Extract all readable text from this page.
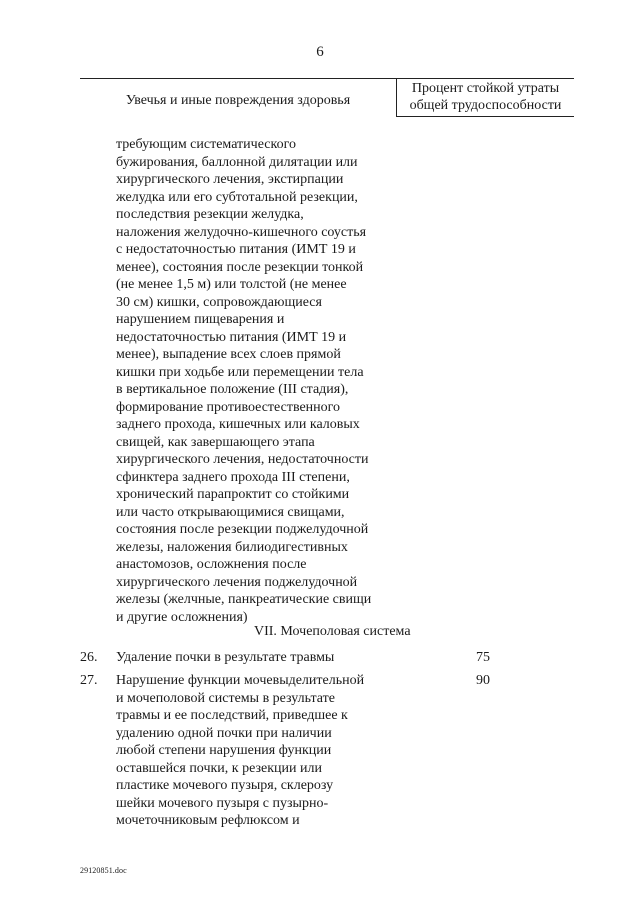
6
Увечья и иные повреждения здоровья
Процент стойкой утраты
общей трудоспособности
требующим систематического
бужирования, баллонной дилятации или
хирургического лечения, экстирпации
желудка или его субтотальной резекции,
последствия резекции желудка,
наложения желудочно-кишечного соустья
с недостаточностью питания (ИМТ 19 и
менее), состояния после резекции тонкой
(не менее 1,5 м) или толстой (не менее
30 см) кишки, сопровождающиеся
нарушением пищеварения и
недостаточностью питания (ИМТ 19 и
менее), выпадение всех слоев прямой
кишки при ходьбе или перемещении тела
в вертикальное положение (III стадия),
формирование противоестественного
заднего прохода, кишечных или каловых
свищей, как завершающего этапа
хирургического лечения, недостаточности
сфинктера заднего прохода III степени,
хронический парапроктит со стойкими
или часто открывающимися свищами,
состояния после резекции поджелудочной
железы, наложения билиодигестивных
анастомозов, осложнения после
хирургического лечения поджелудочной
железы (желчные, панкреатические свищи
и другие осложнения)
VII. Мочеполовая система
26. Удаление почки в результате травмы	75
27. Нарушение функции мочевыделительной
и мочеполовой системы в результате
травмы и ее последствий, приведшее к
удалению одной почки при наличии
любой степени нарушения функции
оставшейся почки, к резекции или
пластике мочевого пузыря, склерозу
шейки мочевого пузыря с пузырно-
мочеточниковым рефлюксом и
90
29120851.doc
